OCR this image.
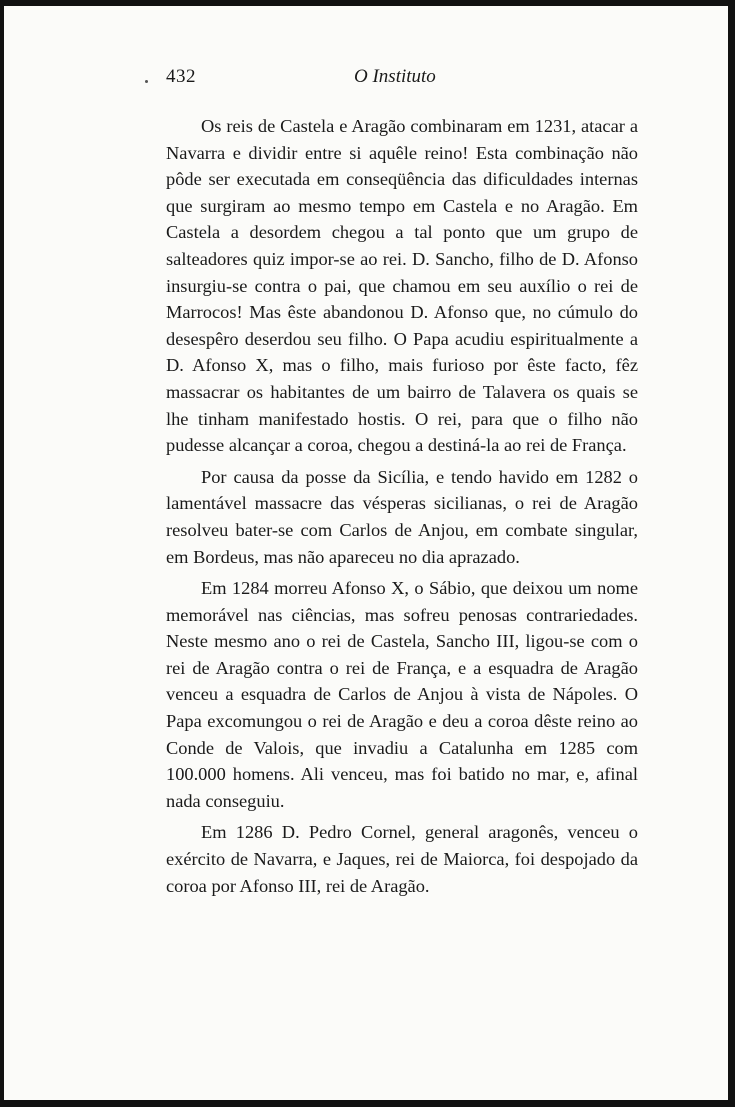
432	O Instituto

Os reis de Castela e Aragão combinaram em 1231, atacar a Navarra e dividir entre si aquêle reino! Esta combinação não pôde ser executada em conseqüência das dificuldades internas que surgiram ao mesmo tempo em Castela e no Aragão. Em Castela a desordem chegou a tal ponto que um grupo de salteadores quiz impor-se ao rei. D. Sancho, filho de D. Afonso insurgiu-se contra o pai, que chamou em seu auxílio o rei de Marrocos! Mas êste abandonou D. Afonso que, no cúmulo do desespêro deserdou seu filho. O Papa acudiu espiritualmente a D. Afonso X, mas o filho, mais furioso por êste facto, fêz massacrar os habitantes de um bairro de Talavera os quais se lhe tinham manifestado hostis. O rei, para que o filho não pudesse alcançar a coroa, chegou a destiná-la ao rei de França.

Por causa da posse da Sicília, e tendo havido em 1282 o lamentável massacre das vésperas sicilianas, o rei de Aragão resolveu bater-se com Carlos de Anjou, em combate singular, em Bordeus, mas não apareceu no dia aprazado.

Em 1284 morreu Afonso X, o Sábio, que deixou um nome memorável nas ciências, mas sofreu penosas contrariedades. Neste mesmo ano o rei de Castela, Sancho III, ligou-se com o rei de Aragão contra o rei de França, e a esquadra de Aragão venceu a esquadra de Carlos de Anjou à vista de Nápoles. O Papa excomungou o rei de Aragão e deu a coroa dêste reino ao Conde de Valois, que invadiu a Catalunha em 1285 com 100.000 homens. Ali venceu, mas foi batido no mar, e, afinal nada conseguiu.

Em 1286 D. Pedro Cornel, general aragonês, venceu o exército de Navarra, e Jaques, rei de Maiorca, foi despojado da coroa por Afonso III, rei de Aragão.
